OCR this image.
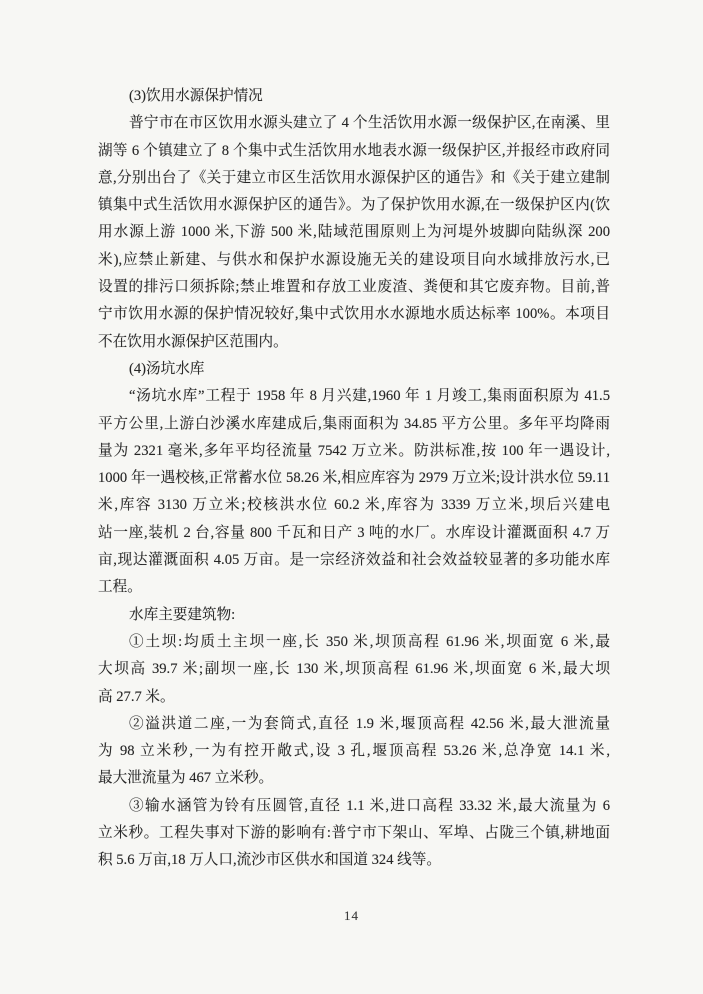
(3)饮用水源保护情况
普宁市在市区饮用水源头建立了 4 个生活饮用水源一级保护区,在南溪、里
湖等 6 个镇建立了 8 个集中式生活饮用水地表水源一级保护区,并报经市政府同
意,分别出台了《关于建立市区生活饮用水源保护区的通告》和《关于建立建制
镇集中式生活饮用水源保护区的通告》。为了保护饮用水源,在一级保护区内(饮
用水源上游 1000 米,下游 500 米,陆域范围原则上为河堤外坡脚向陆纵深 200
米),应禁止新建、与供水和保护水源设施无关的建设项目向水域排放污水,已
设置的排污口须拆除;禁止堆置和存放工业废渣、粪便和其它废弃物。目前,普
宁市饮用水源的保护情况较好,集中式饮用水水源地水质达标率 100%。本项目
不在饮用水源保护区范围内。
(4)汤坑水库
“汤坑水库”工程于 1958 年 8 月兴建,1960 年 1 月竣工,集雨面积原为 41.5
平方公里,上游白沙溪水库建成后,集雨面积为 34.85 平方公里。多年平均降雨
量为 2321 毫米,多年平均径流量 7542 万立米。防洪标准,按 100 年一遇设计,
1000 年一遇校核,正常蓄水位 58.26 米,相应库容为 2979 万立米;设计洪水位 59.11
米,库容 3130 万立米;校核洪水位 60.2 米,库容为 3339 万立米,坝后兴建电
站一座,装机 2 台,容量 800 千瓦和日产 3 吨的水厂。水库设计灌溉面积 4.7 万
亩,现达灌溉面积 4.05 万亩。是一宗经济效益和社会效益较显著的多功能水库
工程。
水库主要建筑物:
①土坝:均质土主坝一座,长 350 米,坝顶高程 61.96 米,坝面宽 6 米,最
大坝高 39.7 米;副坝一座,长 130 米,坝顶高程 61.96 米,坝面宽 6 米,最大坝
高 27.7 米。
②溢洪道二座,一为套筒式,直径 1.9 米,堰顶高程 42.56 米,最大泄流量
为 98 立米秒,一为有控开敞式,设 3 孔,堰顶高程 53.26 米,总净宽 14.1 米,
最大泄流量为 467 立米秒。
③输水涵管为铃有压圆管,直径 1.1 米,进口高程 33.32 米,最大流量为 6
立米秒。工程失事对下游的影响有:普宁市下架山、军埠、占陇三个镇,耕地面
积 5.6 万亩,18 万人口,流沙市区供水和国道 324 线等。
14
